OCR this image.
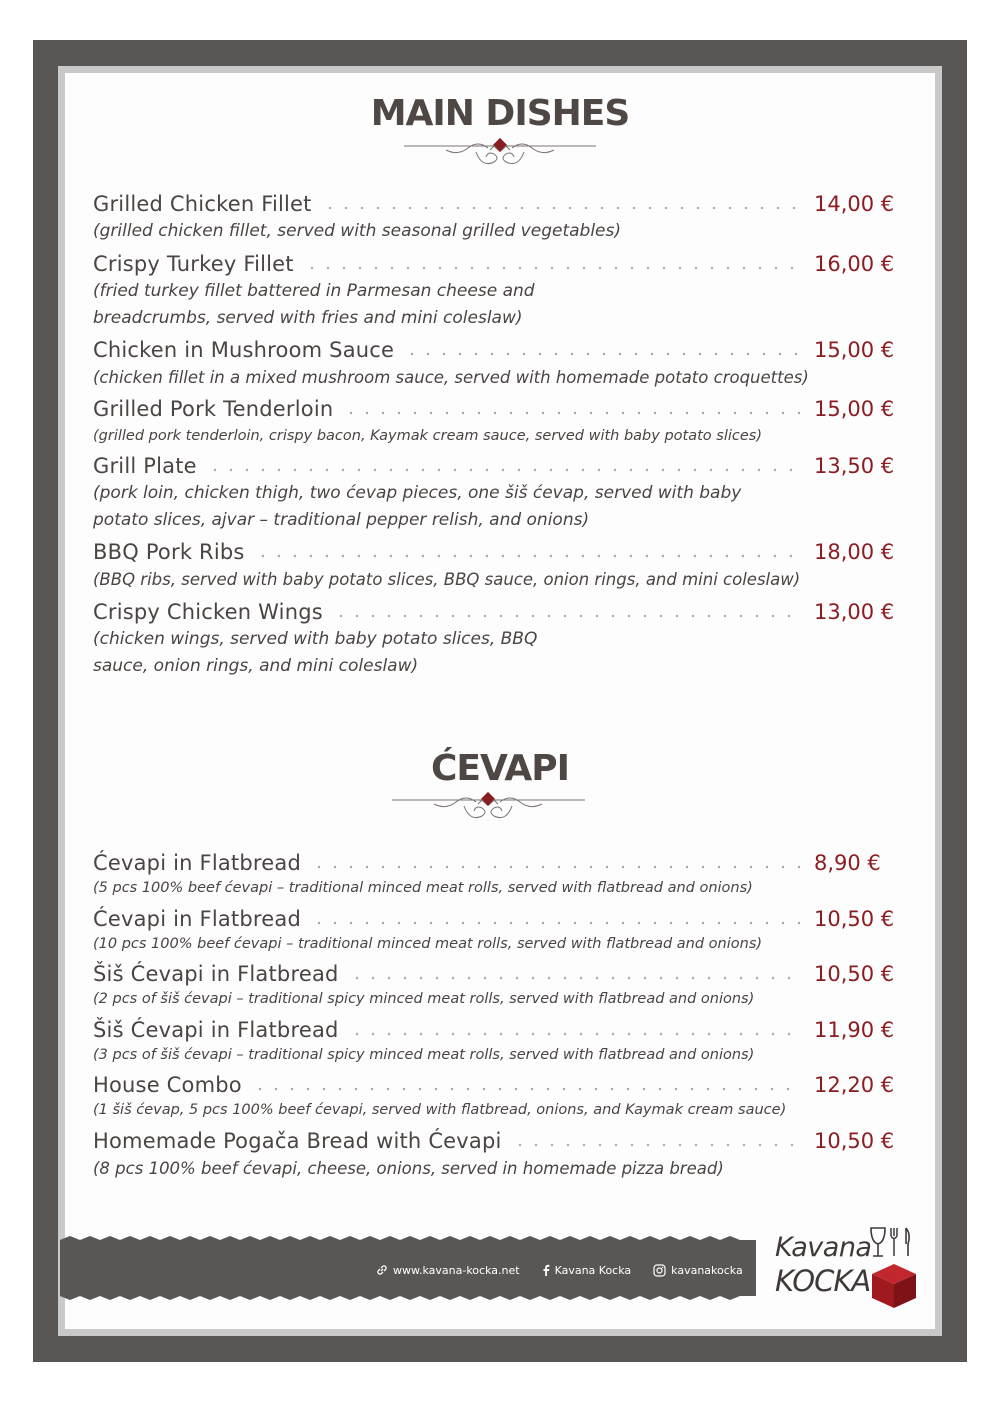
MAIN DISHES
Grilled Chicken Fillet	14,00 €
(grilled chicken fillet, served with seasonal grilled vegetables)
Crispy Turkey Fillet	16,00 €
(fried turkey fillet battered in Parmesan cheese and breadcrumbs, served with fries and mini coleslaw)
Chicken in Mushroom Sauce	15,00 €
(chicken fillet in a mixed mushroom sauce, served with homemade potato croquettes)
Grilled Pork Tenderloin	15,00 €
(grilled pork tenderloin, crispy bacon, Kaymak cream sauce, served with baby potato slices)
Grill Plate	13,50 €
(pork loin, chicken thigh, two ćevap pieces, one šiš ćevap, served with baby potato slices, ajvar – traditional pepper relish, and onions)
BBQ Pork Ribs	18,00 €
(BBQ ribs, served with baby potato slices, BBQ sauce, onion rings, and mini coleslaw)
Crispy Chicken Wings	13,00 €
(chicken wings, served with baby potato slices, BBQ sauce, onion rings, and mini coleslaw)
ĆEVAPI
Ćevapi in Flatbread	8,90 €
(5 pcs 100% beef ćevapi – traditional minced meat rolls, served with flatbread and onions)
Ćevapi in Flatbread	10,50 €
(10 pcs 100% beef ćevapi – traditional minced meat rolls, served with flatbread and onions)
Šiš Ćevapi in Flatbread	10,50 €
(2 pcs of šiš ćevapi – traditional spicy minced meat rolls, served with flatbread and onions)
Šiš Ćevapi in Flatbread	11,90 €
(3 pcs of šiš ćevapi – traditional spicy minced meat rolls, served with flatbread and onions)
House Combo	12,20 €
(1 šiš ćevap, 5 pcs 100% beef ćevapi, served with flatbread, onions, and Kaymak cream sauce)
Homemade Pogača Bread with Ćevapi	10,50 €
(8 pcs 100% beef ćevapi, cheese, onions, served in homemade pizza bread)
www.kavana-kocka.net	Kavana Kocka	kavanakocka
Kavana
KOCKA
